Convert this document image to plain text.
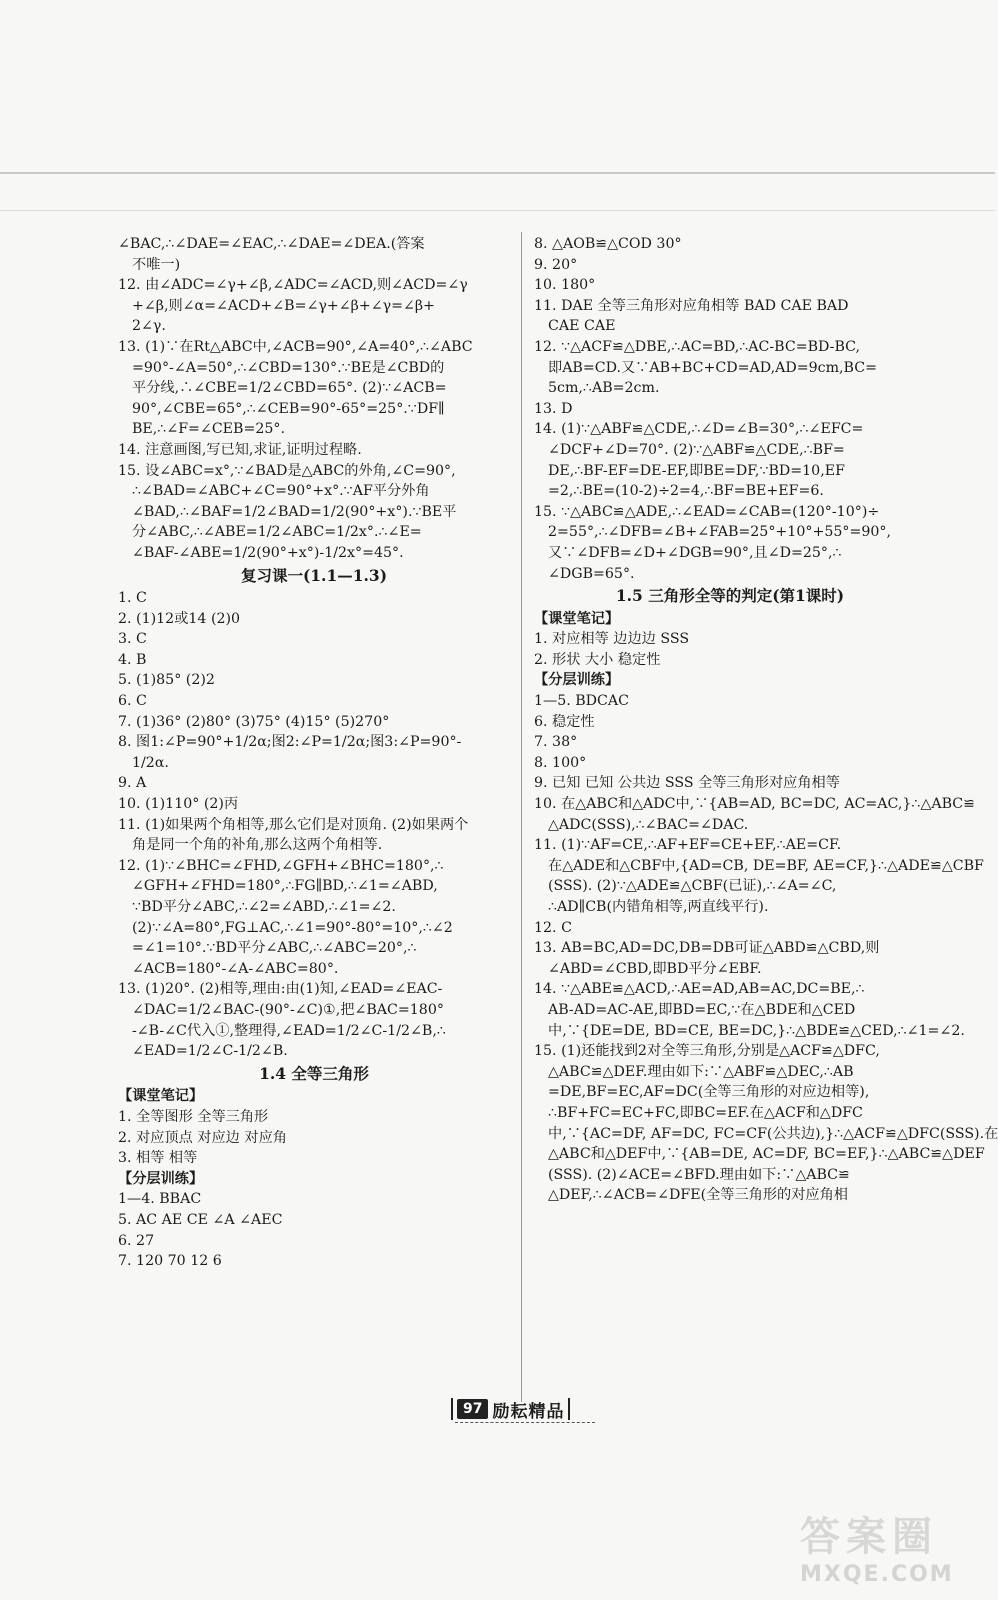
∠BAC,∴∠DAE=∠EAC,∴∠DAE=∠DEA.(答案
不唯一)
12. 由∠ADC=∠γ+∠β,∠ADC=∠ACD,则∠ACD=∠γ
+∠β,则∠α=∠ACD+∠B=∠γ+∠β+∠γ=∠β+
2∠γ.
13. (1)∵在Rt△ABC中,∠ACB=90°,∠A=40°,∴∠ABC
=90°-∠A=50°,∴∠CBD=130°.∵BE是∠CBD的
平分线,∴∠CBE=1/2∠CBD=65°. (2)∵∠ACB=
90°,∠CBE=65°,∴∠CEB=90°-65°=25°.∵DF∥
BE,∴∠F=∠CEB=25°.
14. 注意画图,写已知,求证,证明过程略.
15. 设∠ABC=x°,∵∠BAD是△ABC的外角,∠C=90°,
∴∠BAD=∠ABC+∠C=90°+x°.∵AF平分外角
∠BAD,∴∠BAF=1/2∠BAD=1/2(90°+x°).∵BE平
分∠ABC,∴∠ABE=1/2∠ABC=1/2x°.∴∠E=
∠BAF-∠ABE=1/2(90°+x°)-1/2x°=45°.
复习课一(1.1—1.3)
1. C
2. (1)12或14 (2)0
3. C
4. B
5. (1)85° (2)2
6. C
7. (1)36° (2)80° (3)75° (4)15° (5)270°
8. 图1:∠P=90°+1/2α;图2:∠P=1/2α;图3:∠P=90°-
1/2α.
9. A
10. (1)110° (2)丙
11. (1)如果两个角相等,那么它们是对顶角. (2)如果两个
角是同一个角的补角,那么这两个角相等.
12. (1)∵∠BHC=∠FHD,∠GFH+∠BHC=180°,∴
∠GFH+∠FHD=180°,∴FG∥BD,∴∠1=∠ABD,
∵BD平分∠ABC,∴∠2=∠ABD,∴∠1=∠2.
(2)∵∠A=80°,FG⊥AC,∴∠1=90°-80°=10°,∴∠2
=∠1=10°.∵BD平分∠ABC,∴∠ABC=20°,∴
∠ACB=180°-∠A-∠ABC=80°.
13. (1)20°. (2)相等,理由:由(1)知,∠EAD=∠EAC-
∠DAC=1/2∠BAC-(90°-∠C)①,把∠BAC=180°
-∠B-∠C代入①,整理得,∠EAD=1/2∠C-1/2∠B,∴
∠EAD=1/2∠C-1/2∠B.
1.4 全等三角形
【课堂笔记】
1. 全等图形 全等三角形
2. 对应顶点 对应边 对应角
3. 相等 相等
【分层训练】
1—4. BBAC
5. AC AE CE ∠A ∠AEC
6. 27
7. 120 70 12 6
8. △AOB≌△COD 30°
9. 20°
10. 180°
11. DAE 全等三角形对应角相等 BAD CAE BAD
CAE CAE
12. ∵△ACF≌△DBE,∴AC=BD,∴AC-BC=BD-BC,
即AB=CD.又∵AB+BC+CD=AD,AD=9cm,BC=
5cm,∴AB=2cm.
13. D
14. (1)∵△ABF≌△CDE,∴∠D=∠B=30°,∴∠EFC=
∠DCF+∠D=70°. (2)∵△ABF≌△CDE,∴BF=
DE,∴BF-EF=DE-EF,即BE=DF,∵BD=10,EF
=2,∴BE=(10-2)÷2=4,∴BF=BE+EF=6.
15. ∵△ABC≌△ADE,∴∠EAD=∠CAB=(120°-10°)÷
2=55°,∴∠DFB=∠B+∠FAB=25°+10°+55°=90°,
又∵∠DFB=∠D+∠DGB=90°,且∠D=25°,∴
∠DGB=65°.
1.5 三角形全等的判定(第1课时)
【课堂笔记】
1. 对应相等 边边边 SSS
2. 形状 大小 稳定性
【分层训练】
1—5. BDCAC
6. 稳定性
7. 38°
8. 100°
9. 已知 已知 公共边 SSS 全等三角形对应角相等
10. 在△ABC和△ADC中,∵{AB=AD, BC=DC, AC=AC,}∴△ABC≌
△ADC(SSS),∴∠BAC=∠DAC.
11. (1)∵AF=CE,∴AF+EF=CE+EF,∴AE=CF.
在△ADE和△CBF中,{AD=CB, DE=BF, AE=CF,}∴△ADE≌△CBF
(SSS). (2)∵△ADE≌△CBF(已证),∴∠A=∠C,
∴AD∥CB(内错角相等,两直线平行).
12. C
13. AB=BC,AD=DC,DB=DB可证△ABD≌△CBD,则
∠ABD=∠CBD,即BD平分∠EBF.
14. ∵△ABE≌△ACD,∴AE=AD,AB=AC,DC=BE,∴
AB-AD=AC-AE,即BD=EC,∵在△BDE和△CED
中,∵{DE=DE, BD=CE, BE=DC,}∴△BDE≌△CED,∴∠1=∠2.
15. (1)还能找到2对全等三角形,分别是△ACF≌△DFC,
△ABC≌△DEF.理由如下:∵△ABF≌△DEC,∴AB
=DE,BF=EC,AF=DC(全等三角形的对应边相等),
∴BF+FC=EC+FC,即BC=EF.在△ACF和△DFC
中,∵{AC=DF, AF=DC, FC=CF(公共边),}∴△ACF≌△DFC(SSS).在
△ABC和△DEF中,∵{AB=DE, AC=DF, BC=EF,}∴△ABC≌△DEF
(SSS). (2)∠ACE=∠BFD.理由如下:∵△ABC≌
△DEF,∴∠ACB=∠DFE(全等三角形的对应角相
97 励耘精品
答案圈
MXQE.COM
